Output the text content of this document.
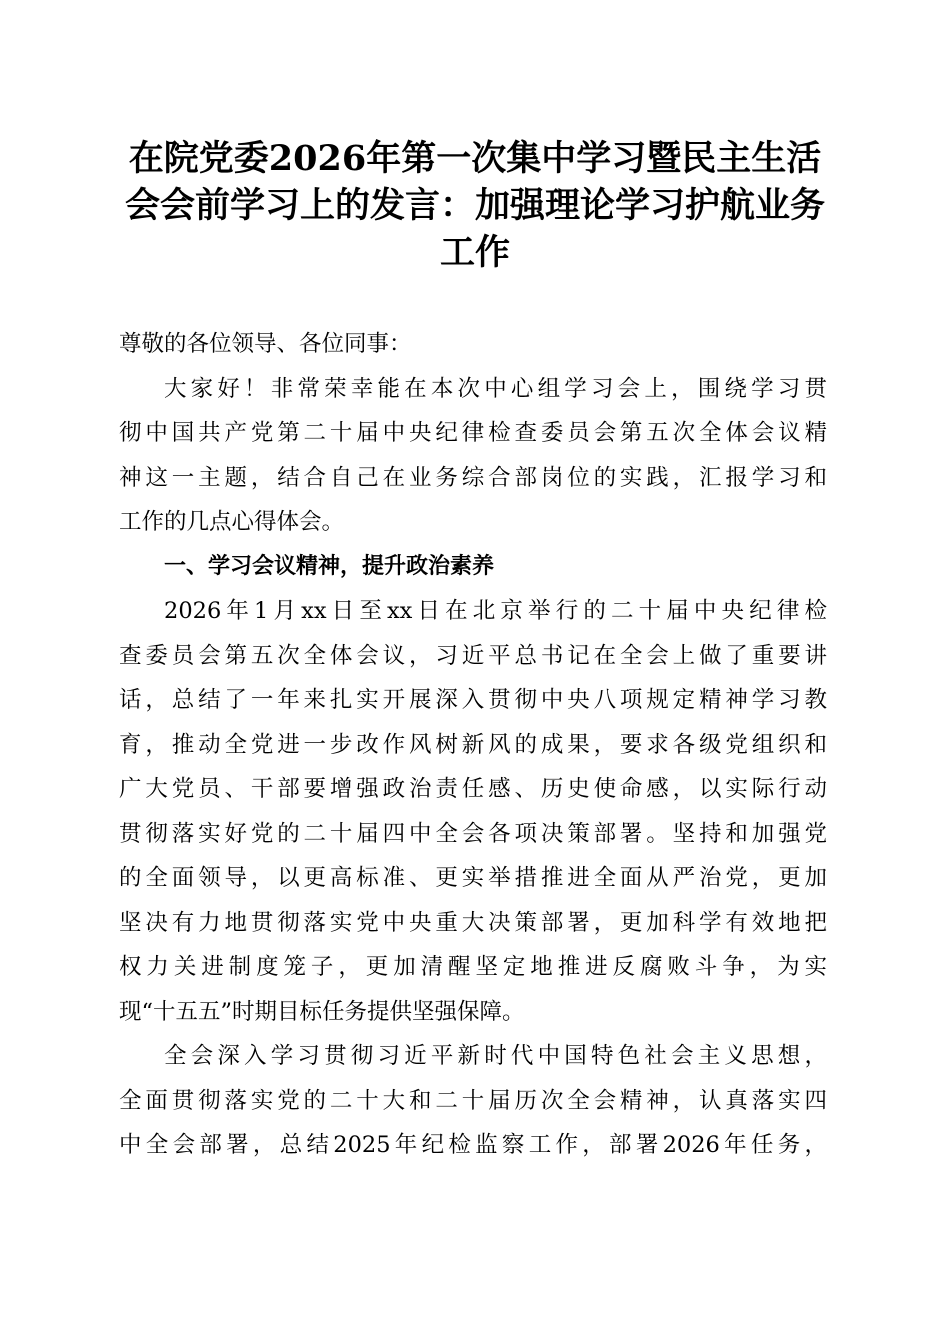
在院党委2026年第一次集中学习暨民主生活
会会前学习上的发言：加强理论学习护航业务
工作
尊敬的各位领导、各位同事：
大家好！非常荣幸能在本次中心组学习会上，围绕学习贯
彻中国共产党第二十届中央纪律检查委员会第五次全体会议精
神这一主题，结合自己在业务综合部岗位的实践，汇报学习和
工作的几点心得体会。
一、学习会议精神，提升政治素养
2026年1月xx日至xx日在北京举行的二十届中央纪律检
查委员会第五次全体会议，习近平总书记在全会上做了重要讲
话，总结了一年来扎实开展深入贯彻中央八项规定精神学习教
育，推动全党进一步改作风树新风的成果，要求各级党组织和
广大党员、干部要增强政治责任感、历史使命感，以实际行动
贯彻落实好党的二十届四中全会各项决策部署。坚持和加强党
的全面领导，以更高标准、更实举措推进全面从严治党，更加
坚决有力地贯彻落实党中央重大决策部署，更加科学有效地把
权力关进制度笼子，更加清醒坚定地推进反腐败斗争，为实
现“十五五”时期目标任务提供坚强保障。
全会深入学习贯彻习近平新时代中国特色社会主义思想，
全面贯彻落实党的二十大和二十届历次全会精神，认真落实四
中全会部署，总结2025年纪检监察工作，部署2026年任务，
